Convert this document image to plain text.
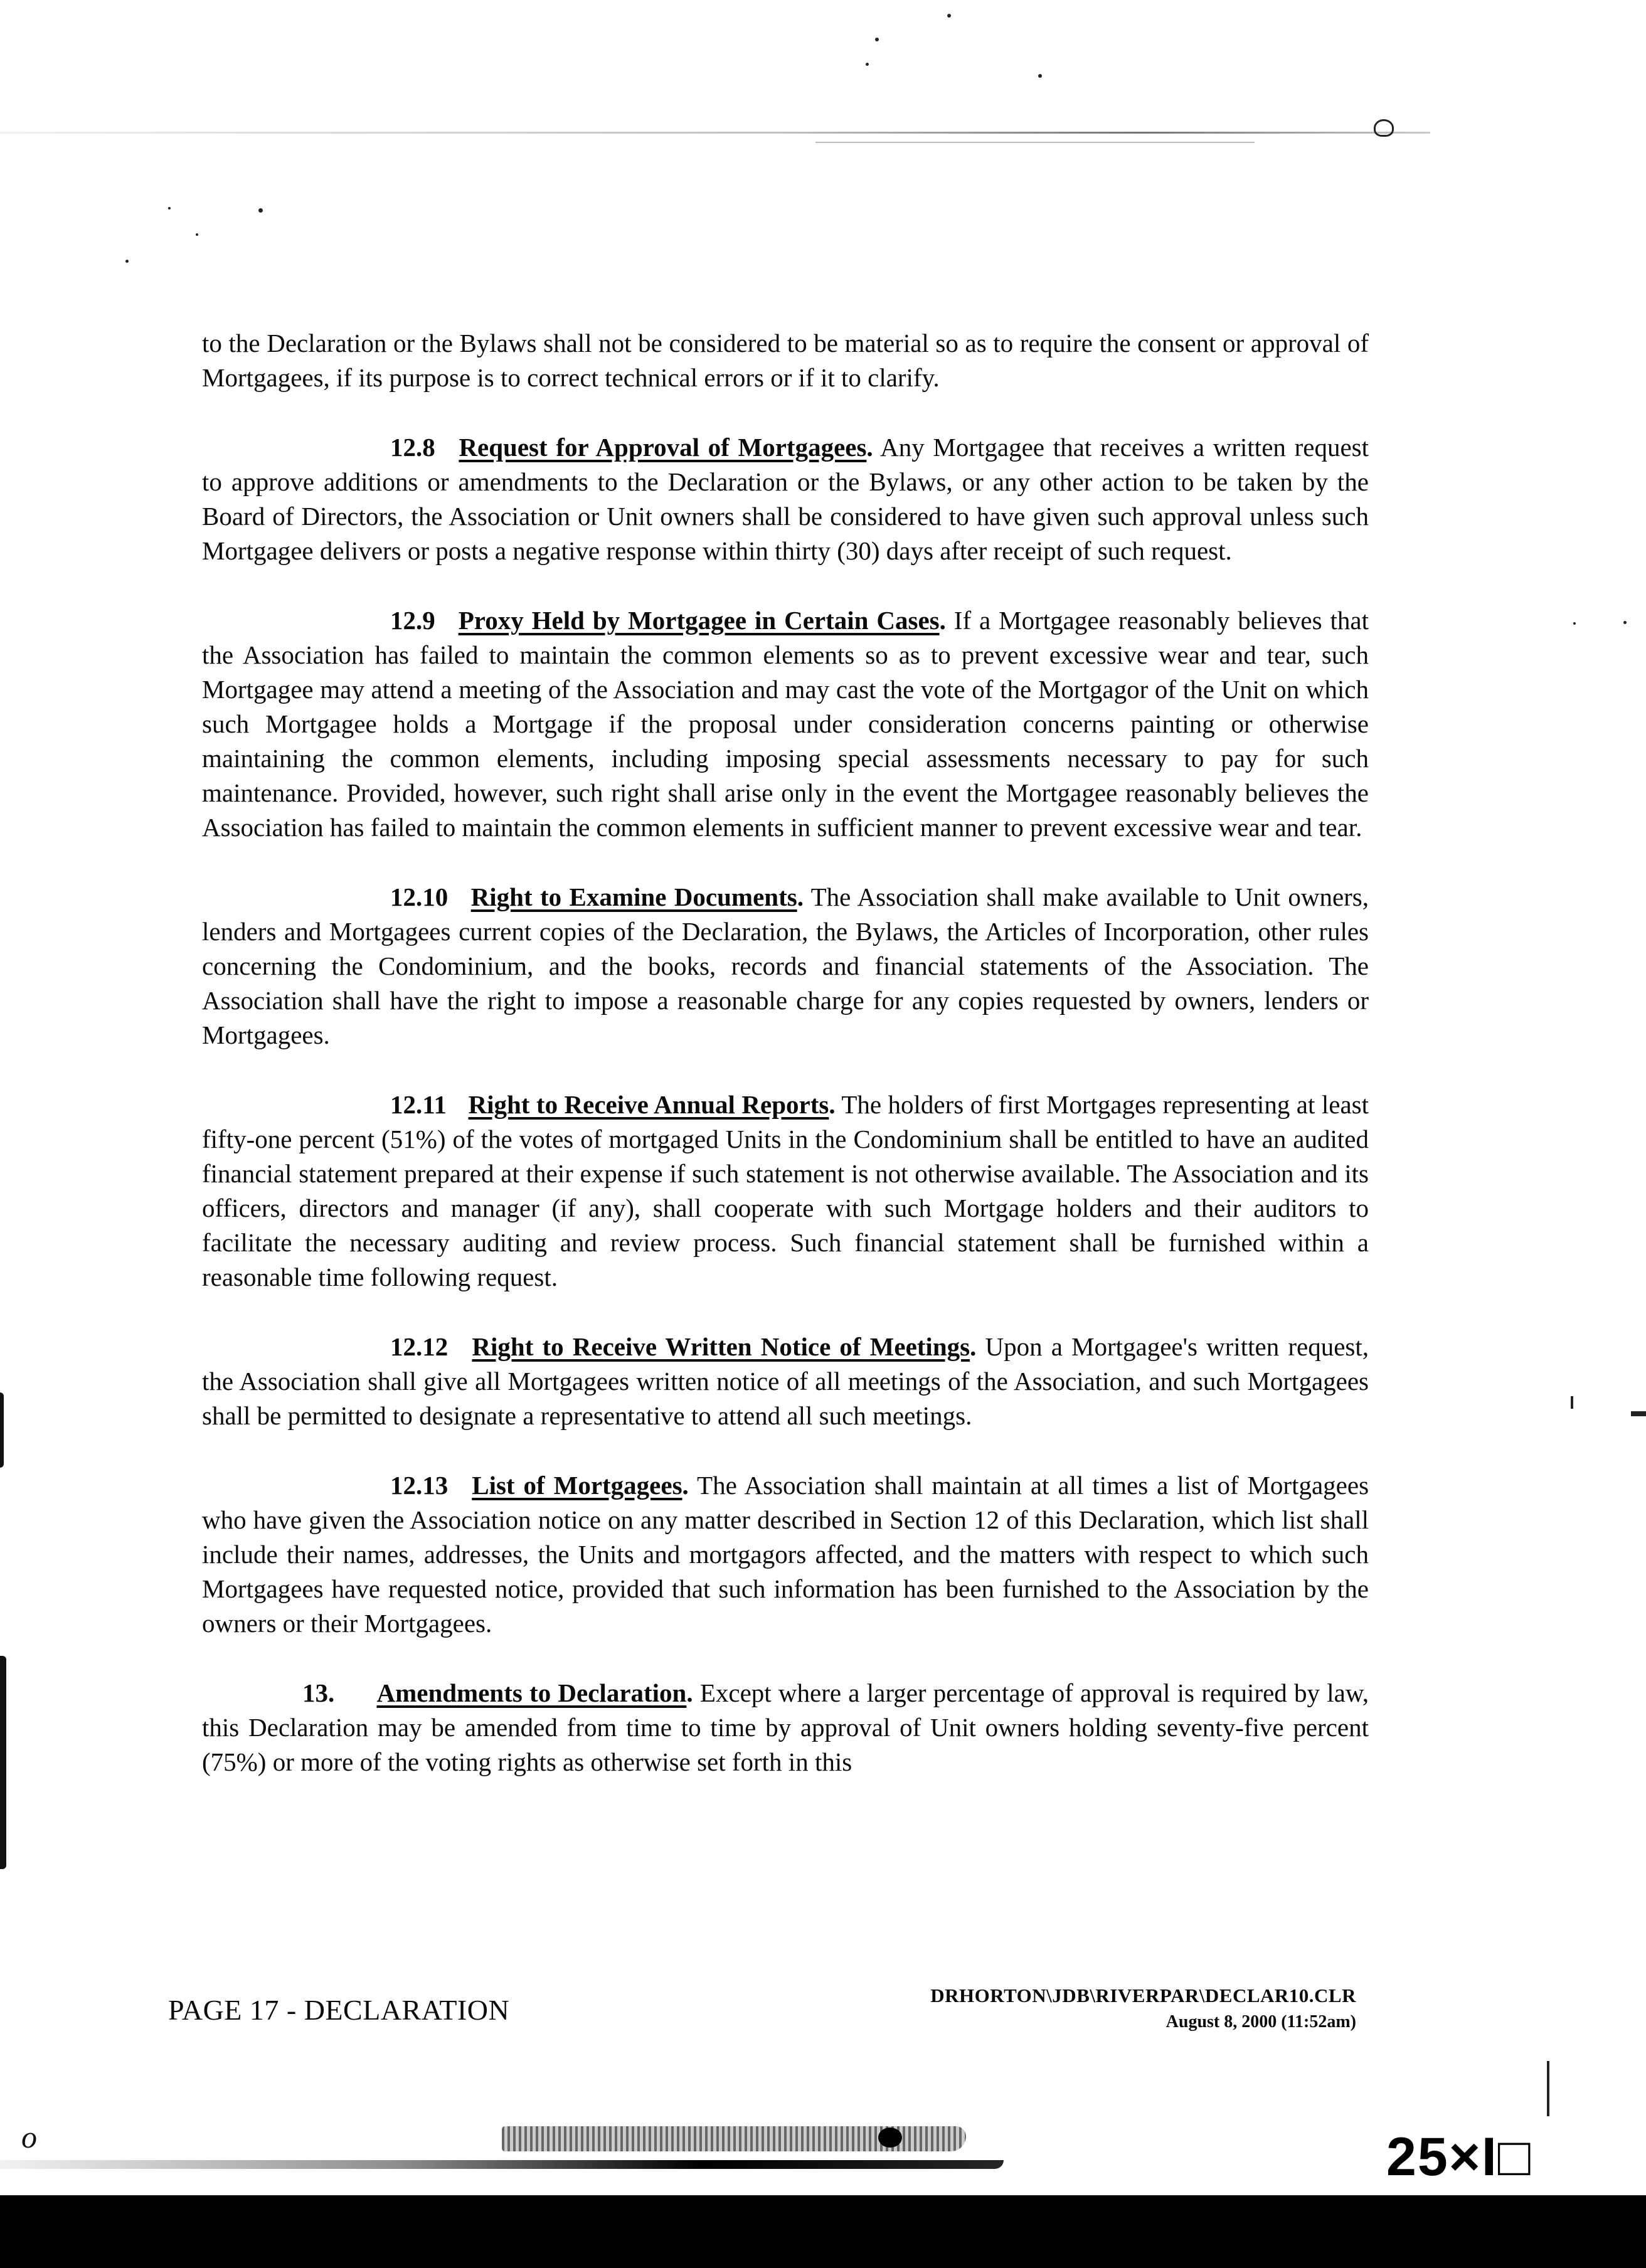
to the Declaration or the Bylaws shall not be considered to be material so as to require the consent or approval of Mortgagees, if its purpose is to correct technical errors or if it to clarify.

12.8 Request for Approval of Mortgagees. Any Mortgagee that receives a written request to approve additions or amendments to the Declaration or the Bylaws, or any other action to be taken by the Board of Directors, the Association or Unit owners shall be considered to have given such approval unless such Mortgagee delivers or posts a negative response within thirty (30) days after receipt of such request.

12.9 Proxy Held by Mortgagee in Certain Cases. If a Mortgagee reasonably believes that the Association has failed to maintain the common elements so as to prevent excessive wear and tear, such Mortgagee may attend a meeting of the Association and may cast the vote of the Mortgagor of the Unit on which such Mortgagee holds a Mortgage if the proposal under consideration concerns painting or otherwise maintaining the common elements, including imposing special assessments necessary to pay for such maintenance. Provided, however, such right shall arise only in the event the Mortgagee reasonably believes the Association has failed to maintain the common elements in sufficient manner to prevent excessive wear and tear.

12.10 Right to Examine Documents. The Association shall make available to Unit owners, lenders and Mortgagees current copies of the Declaration, the Bylaws, the Articles of Incorporation, other rules concerning the Condominium, and the books, records and financial statements of the Association. The Association shall have the right to impose a reasonable charge for any copies requested by owners, lenders or Mortgagees.

12.11 Right to Receive Annual Reports. The holders of first Mortgages representing at least fifty-one percent (51%) of the votes of mortgaged Units in the Condominium shall be entitled to have an audited financial statement prepared at their expense if such statement is not otherwise available. The Association and its officers, directors and manager (if any), shall cooperate with such Mortgage holders and their auditors to facilitate the necessary auditing and review process. Such financial statement shall be furnished within a reasonable time following request.

12.12 Right to Receive Written Notice of Meetings. Upon a Mortgagee's written request, the Association shall give all Mortgagees written notice of all meetings of the Association, and such Mortgagees shall be permitted to designate a representative to attend all such meetings.

12.13 List of Mortgagees. The Association shall maintain at all times a list of Mortgagees who have given the Association notice on any matter described in Section 12 of this Declaration, which list shall include their names, addresses, the Units and mortgagors affected, and the matters with respect to which such Mortgagees have requested notice, provided that such information has been furnished to the Association by the owners or their Mortgagees.

13. Amendments to Declaration. Except where a larger percentage of approval is required by law, this Declaration may be amended from time to time by approval of Unit owners holding seventy-five percent (75%) or more of the voting rights as otherwise set forth in this

PAGE 17 - DECLARATION	DRHORTON\JDB\RIVERPAR\DECLAR10.CLR
August 8, 2000 (11:52am)
o	25×I□
